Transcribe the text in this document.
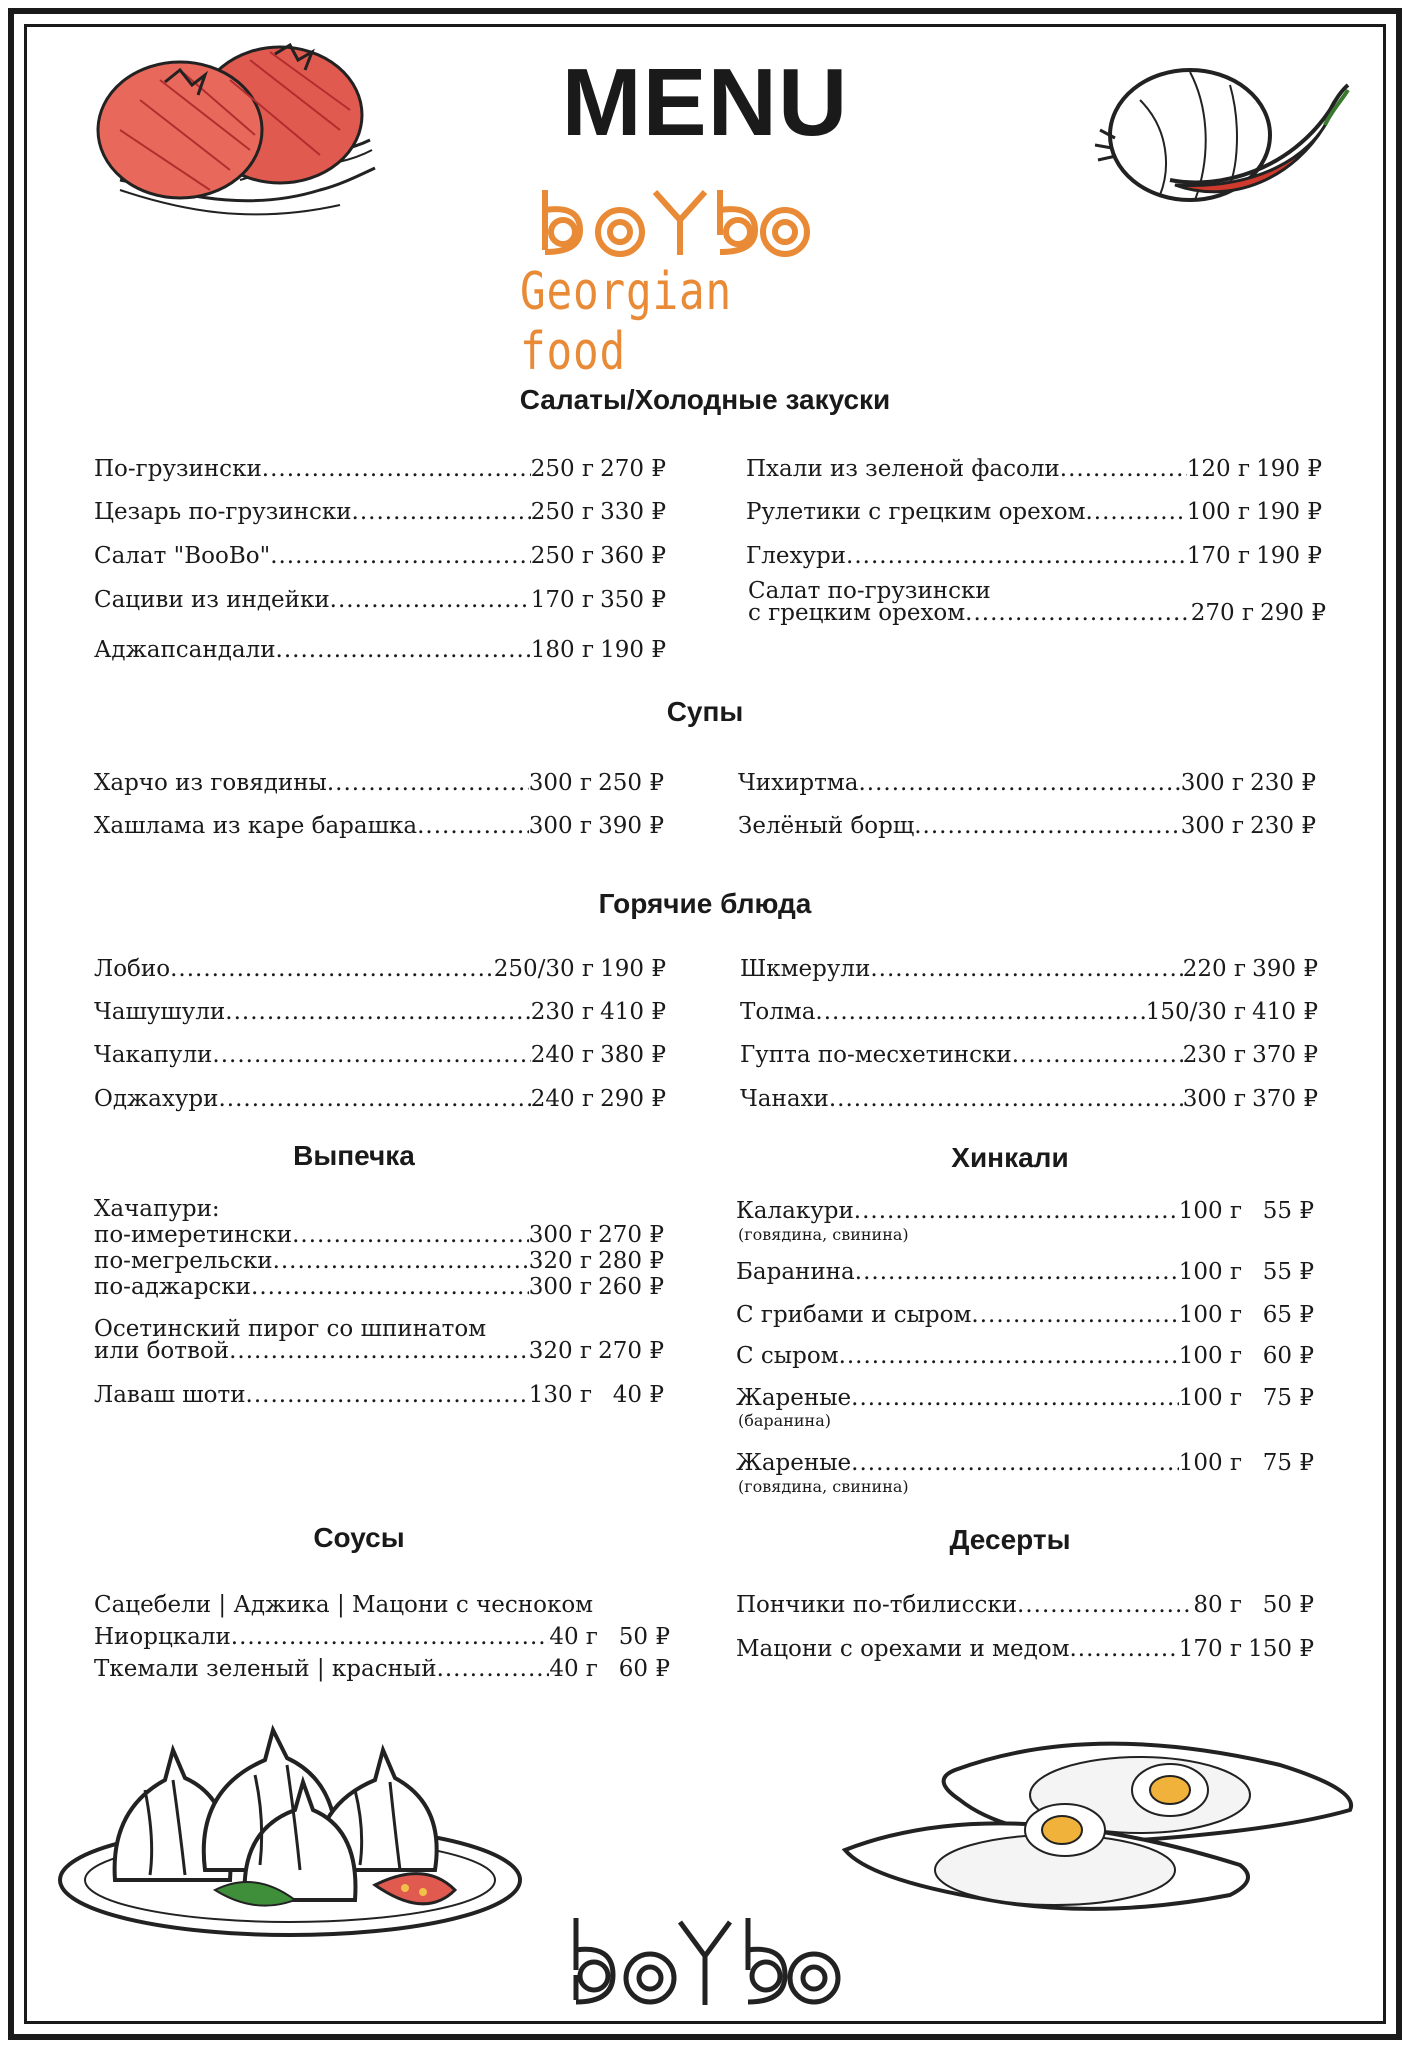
MENU
Georgian food
Салаты/Холодные закуски
По-грузински .....	250 г 270 ₽
Цезарь по-грузински .....	250 г 330 ₽
Салат "BooBo" .....	250 г 360 ₽
Сациви из индейки .....	170 г 350 ₽
Аджапсандали .....	180 г 190 ₽
Пхали из зеленой фасоли .....	120 г 190 ₽
Рулетики с грецким орехом .....	100 г 190 ₽
Глехури .....	170 г 190 ₽
Салат по-грузински
с грецким орехом .....	270 г 290 ₽
Супы
Харчо из говядины .....	300 г 250 ₽
Хашлама из каре барашка .....	300 г 390 ₽
Чихиртма .....	300 г 230 ₽
Зелёный борщ .....	300 г 230 ₽
Горячие блюда
Лобио .....	250/30 г 190 ₽
Чашушули .....	230 г 410 ₽
Чакапули .....	240 г 380 ₽
Оджахури .....	240 г 290 ₽
Шкмерули .....	220 г 390 ₽
Толма .....	150/30 г 410 ₽
Гупта по-месхетински .....	230 г 370 ₽
Чанахи .....	300 г 370 ₽
Выпечка
Хачапури:
по-имеретински .....	300 г 270 ₽
по-мегрельски .....	320 г 280 ₽
по-аджарски .....	300 г 260 ₽
Осетинский пирог со шпинатом
или ботвой .....	320 г 270 ₽
Лаваш шоти .....	130 г 40 ₽
Хинкали
Калакури .....	100 г 55 ₽
(говядина, свинина)
Баранина .....	100 г 55 ₽
С грибами и сыром .....	100 г 65 ₽
С сыром .....	100 г 60 ₽
Жареные .....	100 г 75 ₽
(баранина)
Жареные .....	100 г 75 ₽
(говядина, свинина)
Соусы
Сацебели | Аджика | Мацони с чесноком
Ниорцкали .....	40 г 50 ₽
Ткемали зеленый | красный .....	40 г 60 ₽
Десерты
Пончики по-тбилисски .....	80 г 50 ₽
Мацони с орехами и медом .....	170 г 150 ₽
